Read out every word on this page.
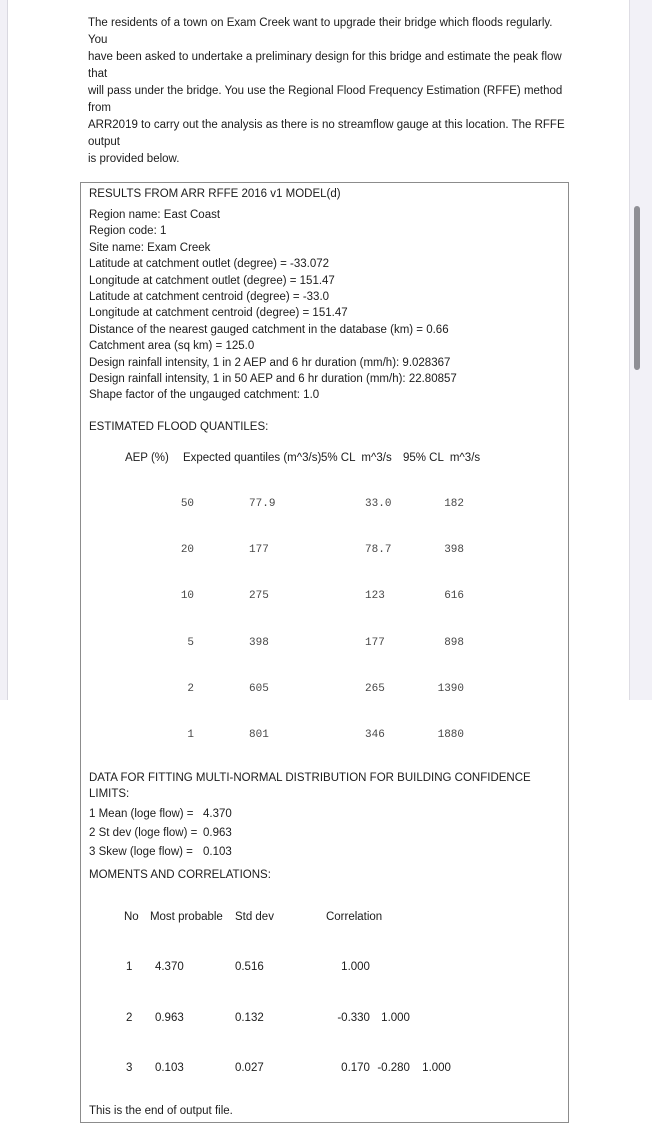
The residents of a town on Exam Creek want to upgrade their bridge which floods regularly. You
have been asked to undertake a preliminary design for this bridge and estimate the peak flow that
will pass under the bridge. You use the Regional Flood Frequency Estimation (RFFE) method from
ARR2019 to carry out the analysis as there is no streamflow gauge at this location. The RFFE output
is provided below.
RESULTS FROM ARR RFFE 2016 v1 MODEL(d)
Region name: East Coast
Region code: 1
Site name: Exam Creek
Latitude at catchment outlet (degree) = -33.072
Longitude at catchment outlet (degree) = 151.47
Latitude at catchment centroid (degree) = -33.0
Longitude at catchment centroid (degree) = 151.47
Distance of the nearest gauged catchment in the database (km) = 0.66
Catchment area (sq km) = 125.0
Design rainfall intensity, 1 in 2 AEP and 6 hr duration (mm/h): 9.028367
Design rainfall intensity, 1 in 50 AEP and 6 hr duration (mm/h): 22.80857
Shape factor of the ungauged catchment: 1.0
ESTIMATED FLOOD QUANTILES:

AEP (%) Expected quantiles (m^3/s)5% CL  m^3/s 95% CL  m^3/s

50	77.9	33.0	182

20	177	78.7	398

10	275	123	616

5	398	177	898

2	605	265	1390

1	801	346	1880

DATA FOR FITTING MULTI-NORMAL DISTRIBUTION FOR BUILDING CONFIDENCE LIMITS:
1 Mean (loge flow) = 4.370
2 St dev (loge flow) = 0.963
3 Skew (loge flow) = 0.103
MOMENTS AND CORRELATIONS:

No Most probable Std dev	Correlation

1 4.370	0.516	1.000

2 0.963	0.132	-0.330 1.000

3 0.103	0.027	0.170 -0.280 1.000

This is the end of output file.
